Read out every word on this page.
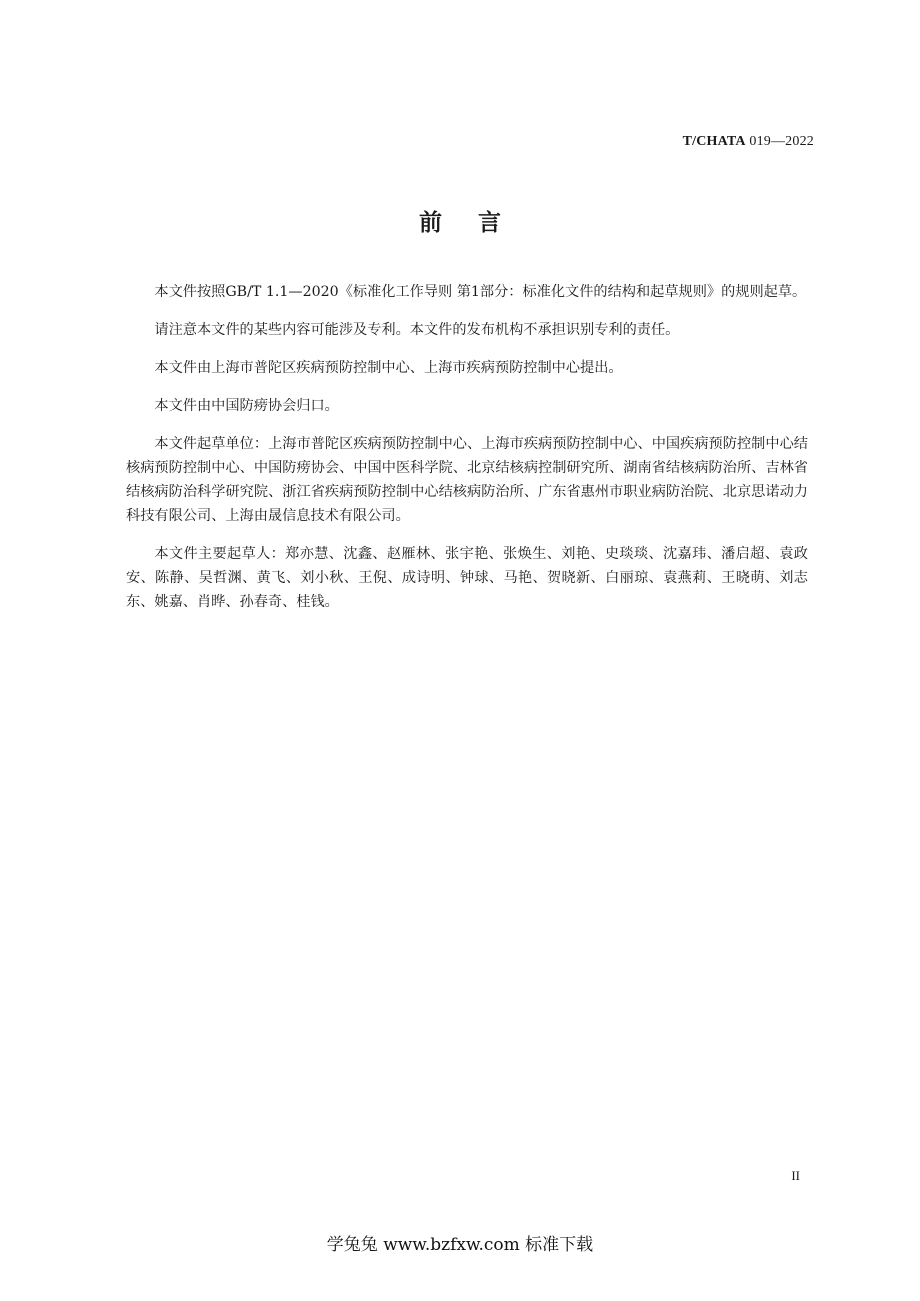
T/CHATA 019—2022
前言

本文件按照GB/T 1.1—2020《标准化工作导则 第1部分：标准化文件的结构和起草规则》的规则起草。

请注意本文件的某些内容可能涉及专利。本文件的发布机构不承担识别专利的责任。

本文件由上海市普陀区疾病预防控制中心、上海市疾病预防控制中心提出。

本文件由中国防痨协会归口。

本文件起草单位：上海市普陀区疾病预防控制中心、上海市疾病预防控制中心、中国疾病预防控制中心结核病预防控制中心、中国防痨协会、中国中医科学院、北京结核病控制研究所、湖南省结核病防治所、吉林省结核病防治科学研究院、浙江省疾病预防控制中心结核病防治所、广东省惠州市职业病防治院、北京思诺动力科技有限公司、上海由晟信息技术有限公司。

本文件主要起草人：郑亦慧、沈鑫、赵雁林、张宇艳、张焕生、刘艳、史琰琰、沈嘉玮、潘启超、袁政安、陈静、吴哲渊、黄飞、刘小秋、王倪、成诗明、钟球、马艳、贺晓新、白丽琼、袁燕莉、王晓萌、刘志东、姚嘉、肖晔、孙春奇、桂钱。

II
学兔兔 www.bzfxw.com 标准下载
